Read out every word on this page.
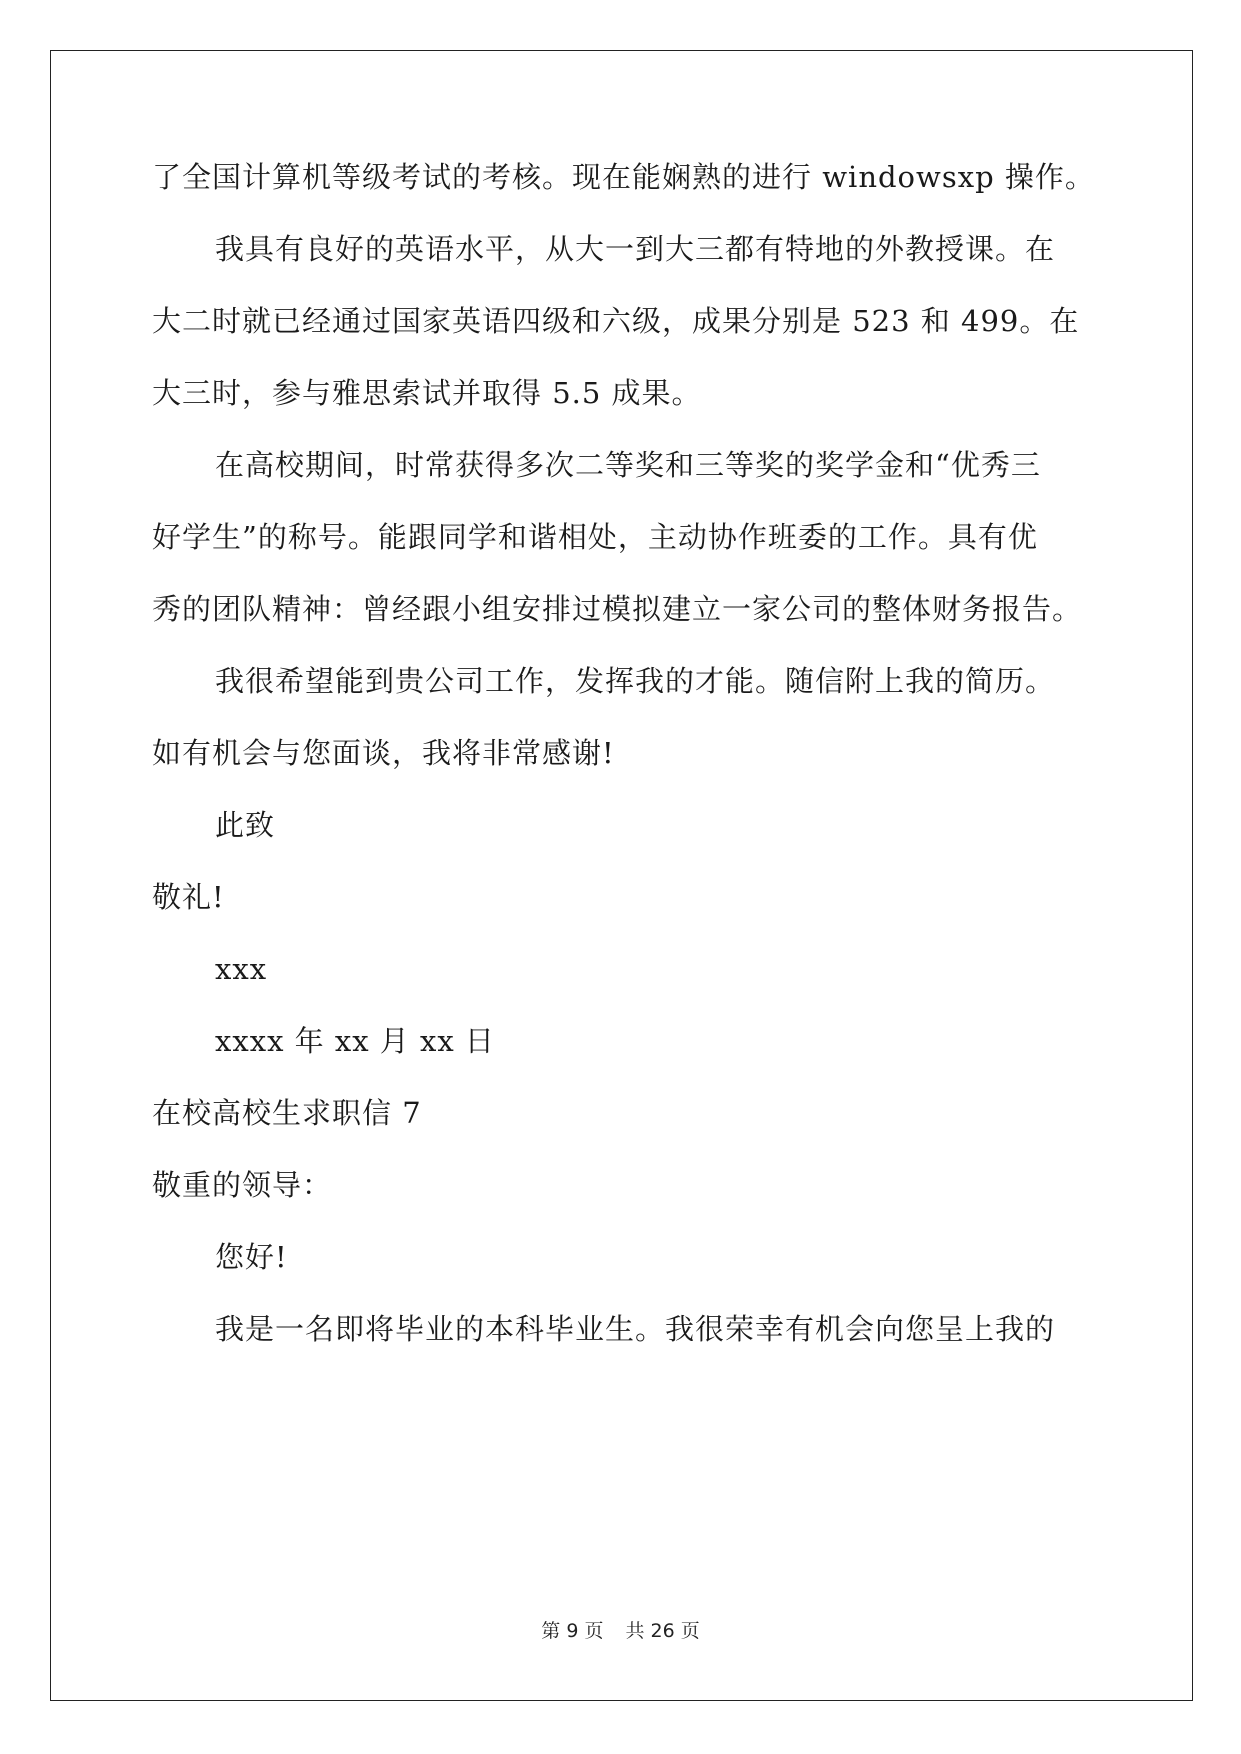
了全国计算机等级考试的考核。现在能娴熟的进行 windowsxp 操作。
我具有良好的英语水平，从大一到大三都有特地的外教授课。在
大二时就已经通过国家英语四级和六级，成果分别是 523 和 499。在
大三时，参与雅思索试并取得 5.5 成果。
在高校期间，时常获得多次二等奖和三等奖的奖学金和“优秀三
好学生”的称号。能跟同学和谐相处，主动协作班委的工作。具有优
秀的团队精神：曾经跟小组安排过模拟建立一家公司的整体财务报告。
我很希望能到贵公司工作，发挥我的才能。随信附上我的简历。
如有机会与您面谈，我将非常感谢!
此致
敬礼!
xxx
xxxx 年 xx 月 xx 日
在校高校生求职信 7
敬重的领导：
您好!
我是一名即将毕业的本科毕业生。我很荣幸有机会向您呈上我的
第 9 页 共 26 页
